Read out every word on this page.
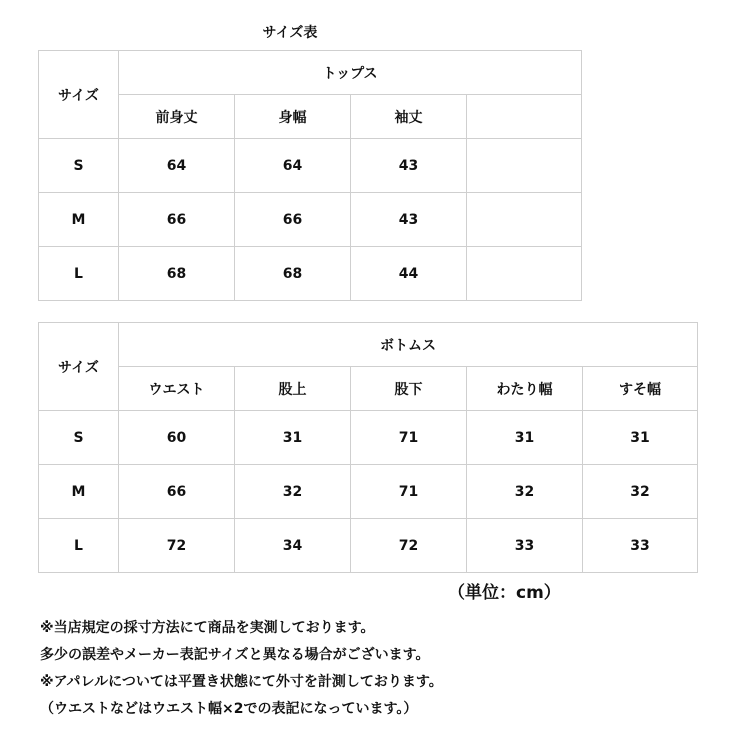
サイズ表
サイズ	トップス			
	前身丈	身幅	袖丈	
S	64	64	43	
M	66	66	43	
L	68	68	44	
サイズ	ボトムス				
	ウエスト	股上	股下	わたり幅	すそ幅
S	60	31	71	31	31
M	66	32	71	32	32
L	72	34	72	33	33
（単位：cm）
※当店規定の採寸方法にて商品を実測しております。
多少の誤差やメーカー表記サイズと異なる場合がございます。
※アパレルについては平置き状態にて外寸を計測しております。
（ウエストなどはウエスト幅×2での表記になっています。）
